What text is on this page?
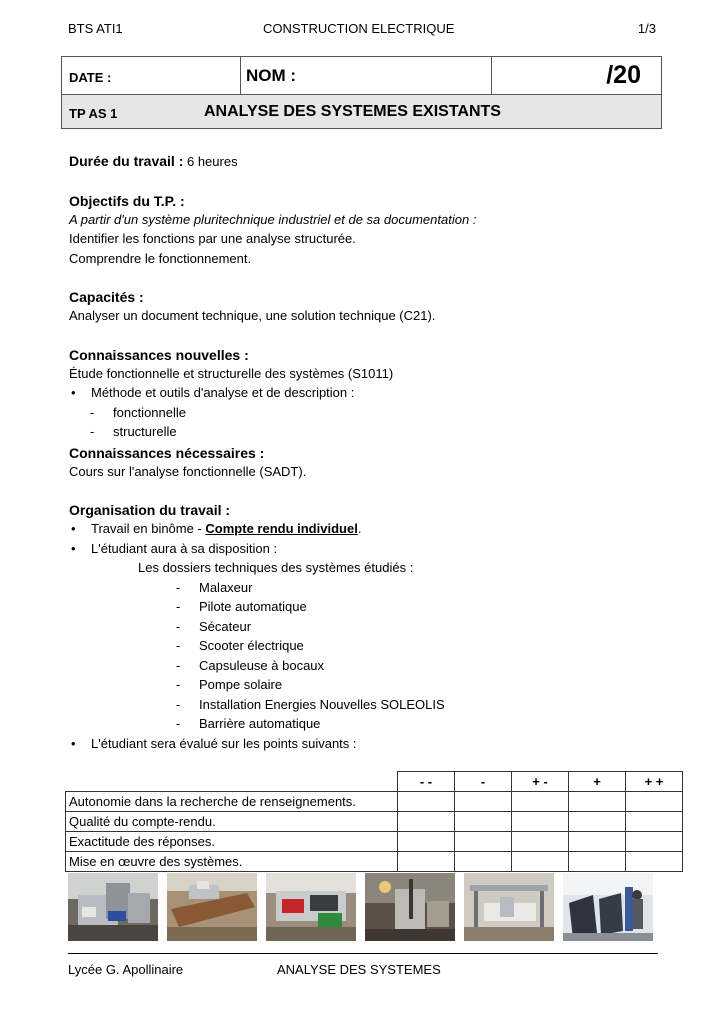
BTS ATI1	CONSTRUCTION ELECTRIQUE	1/3
DATE :	NOM :	/20
TP AS 1	ANALYSE DES SYSTEMES EXISTANTS

Durée du travail : 6 heures

Objectifs du T.P. :

A partir d'un système pluritechnique industriel et de sa documentation :

Identifier les fonctions par une analyse structurée.

Comprendre le fonctionnement.

Capacités :

Analyser un document technique, une solution technique (C21).

Connaissances nouvelles :

Étude fonctionnelle et structurelle des systèmes (S1011)

• Méthode et outils d'analyse et de description :
- fonctionnelle
- structurelle

Connaissances nécessaires :

Cours sur l'analyse fonctionnelle (SADT).

Organisation du travail :

• Travail en binôme - Compte rendu individuel.
• L'étudiant aura à sa disposition :
Les dossiers techniques des systèmes étudiés :
- Malaxeur
- Pilote automatique
- Sécateur
- Scooter électrique
- Capsuleuse à bocaux
- Pompe solaire
- Installation Energies Nouvelles SOLEOLIS
- Barrière automatique
• L'étudiant sera évalué sur les points suivants :
	- -	-	+ -	+	+ +
Autonomie dans la recherche de renseignements.					
Qualité du compte-rendu.					
Exactitude des réponses.					
Mise en œuvre des systèmes.					
Lycée G. Apollinaire	ANALYSE DES SYSTEMES
